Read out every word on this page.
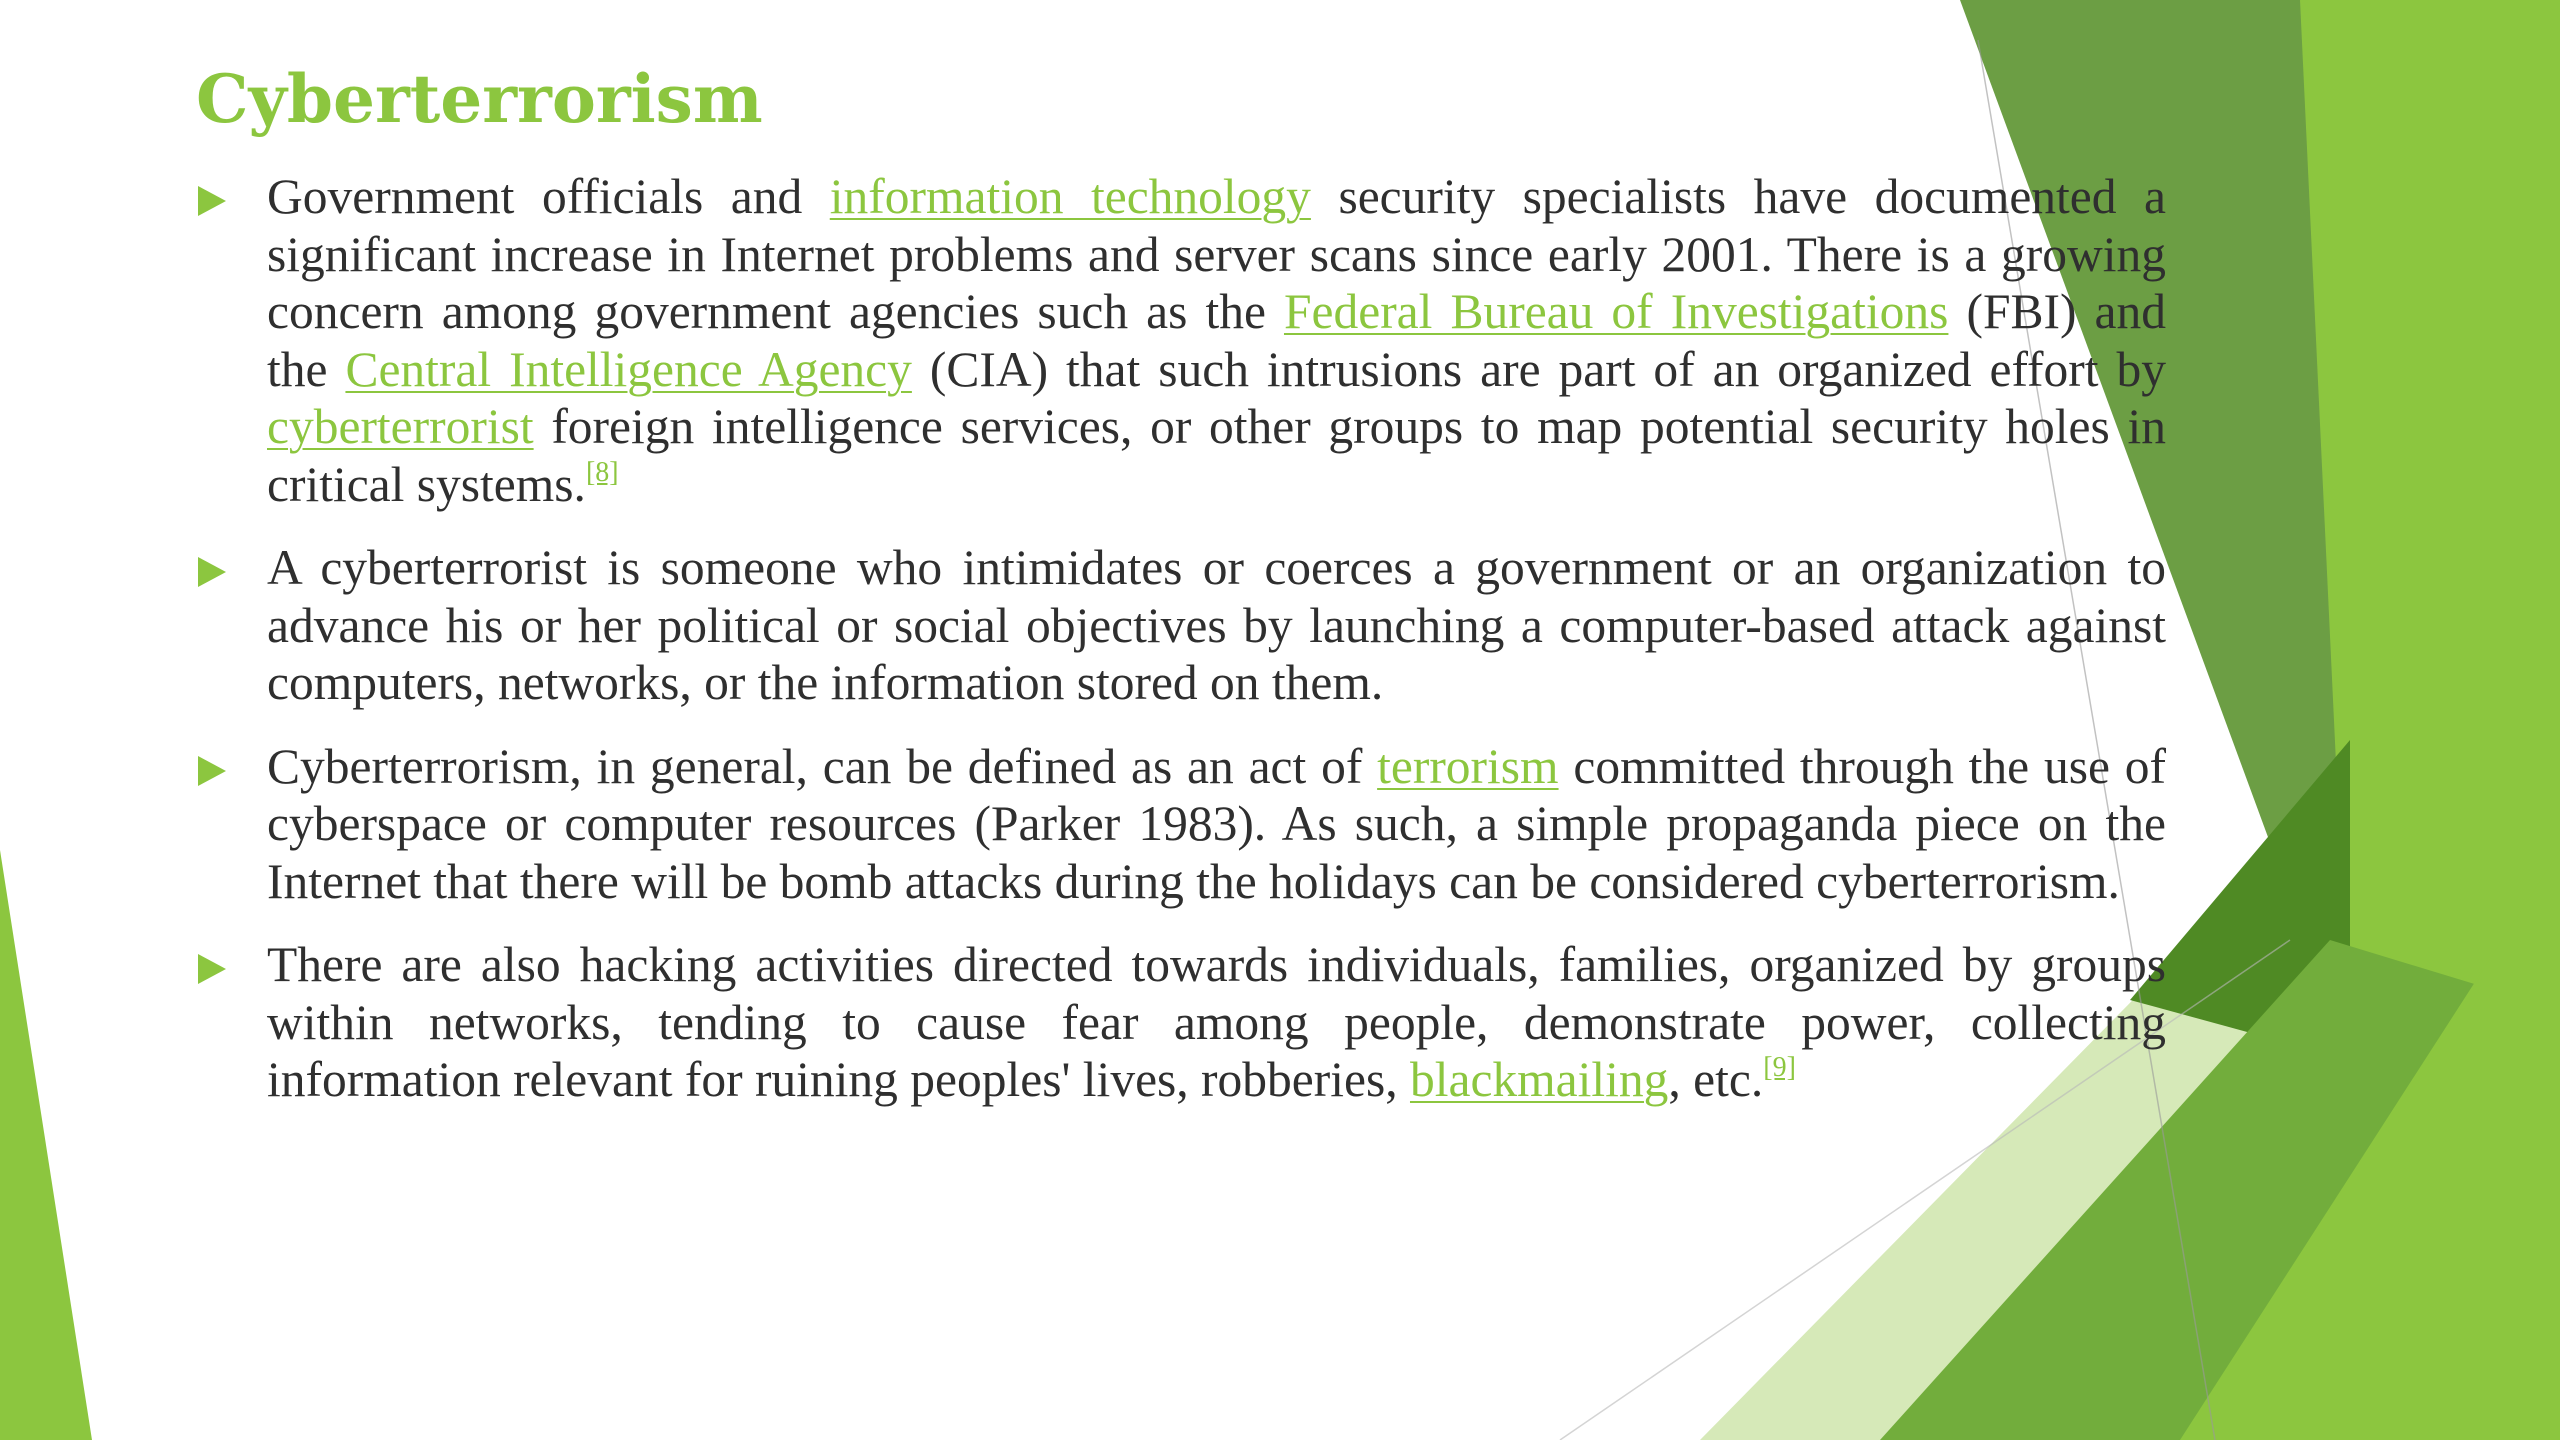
Cyberterrorism
Government officials and information technology security specialists have documented a significant increase in Internet problems and server scans since early 2001. There is a growing concern among government agencies such as the Federal Bureau of Investigations (FBI) and the Central Intelligence Agency (CIA) that such intrusions are part of an organized effort by cyberterrorist foreign intelligence services, or other groups to map potential security holes in critical systems.[8]
A cyberterrorist is someone who intimidates or coerces a government or an organization to advance his or her political or social objectives by launching a computer-based attack against computers, networks, or the information stored on them.
Cyberterrorism, in general, can be defined as an act of terrorism committed through the use of cyberspace or computer resources (Parker 1983). As such, a simple propaganda piece on the Internet that there will be bomb attacks during the holidays can be considered cyberterrorism.
There are also hacking activities directed towards individuals, families, organized by groups within networks, tending to cause fear among people, demonstrate power, collecting information relevant for ruining peoples' lives, robberies, blackmailing, etc.[9]
